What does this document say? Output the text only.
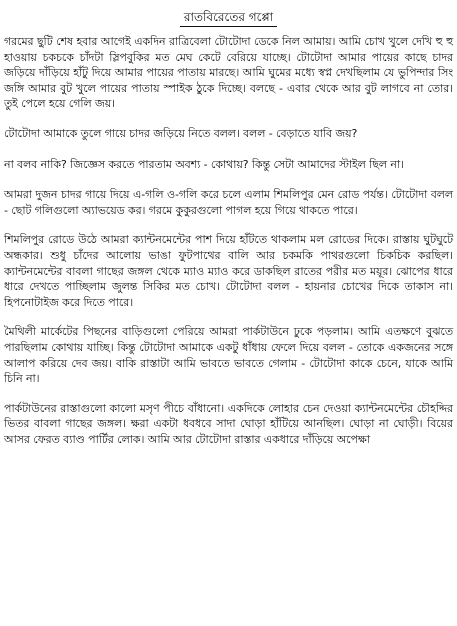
রাতবিরেতের গপ্পো

গরমের ছুটি শেষ হবার আগেই একদিন রাত্রিবেলা টোটোদা ডেকে নিল আমায়। আমি চোখ খুলে দেখি হু হু হাওয়ায় চকচকে চাঁদটা স্লিপবুকির মত মেঘ কেটে বেরিয়ে যাচ্ছে। টোটোদা আমার পায়ের কাছে চাদর জড়িয়ে দাঁড়িয়ে হাঁটু দিয়ে আমার পায়ের পাতায় মারছে। আমি ঘুমের মধ্যে স্বপ্ন দেখছিলাম যে ভুপিন্দার সিং জঙ্গি আমার বুট খুলে পায়ের পাতায় স্পাইক ঠুকে দিচ্ছে। বলছে - এবার থেকে আর বুট লাগবে না তোর। তুই পেলে হয়ে গেলি জয়।

টোটোদা আমাকে তুলে গায়ে চাদর জড়িয়ে নিতে বলল। বলল - বেড়াতে যাবি জয়?

না বলব নাকি? জিজ্ঞেস করতে পারতাম অবশ্য - কোথায়? কিন্তু সেটা আমাদের স্টাইল ছিল না।

আমরা দুজন চাদর গায়ে দিয়ে এ-গলি ও-গলি করে চলে এলাম শিমলিপুর মেন রোড পর্যন্ত। টোটোদা বলল - ছোট গলিগুলো অ্যাভয়েড কর। গরমে কুকুরগুলো পাগল হয়ে গিয়ে থাকতে পারে।

শিমলিপুর রোডে উঠে আমরা ক্যান্টনমেন্টের পাশ দিয়ে হাঁটতে থাকলাম মল রোডের দিকে। রাস্তায় ঘুটঘুটে অন্ধকার। শুধু চাঁদের আলোয় ভাঙা ফুটপাথের বালি আর চকমকি পাথরগুলো চিকচিক করছিল। ক্যান্টনমেন্টের বাবলা গাছের জঙ্গল থেকে ম্যাও ম্যাও করে ডাকছিল রাতের পরীর মত ময়ূর। ঝোপের ধারে ধারে দেখতে পাচ্ছিলাম জুলন্ত সিকির মত চোখ। টোটোদা বলল - হায়নার চোখের দিকে তাকাস না। হিপনোটাইজ করে দিতে পারে।

মৈথিলী মার্কেটের পিছনের বাড়িগুলো পেরিয়ে আমরা পার্কটাউনে ঢুকে পড়লাম। আমি এতক্ষণে বুঝতে পারছিলাম কোথায় যাচ্ছি। কিন্তু টোটোদা আমাকে একটু ধাঁধায় ফেলে দিয়ে বলল - তোকে একজনের সঙ্গে আলাপ করিয়ে দেব জয়। বাকি রাস্তাটা আমি ভাবতে ভাবতে গেলাম - টোটোদা কাকে চেনে, যাকে আমি চিনি না।

পার্কটাউনের রাস্তাগুলো কালো মসৃণ পীচে বাঁধানো। একদিকে লোহার চেন দেওয়া ক্যান্টনমেন্টের চৌহদ্দির ভিতর বাবলা গাছের জঙ্গল। ক্ষরা একটা ধবধবে সাদা ঘোড়া হাঁটিয়ে আনছিল। ঘোড়া না ঘোড়ী। বিয়ের আসর ফেরত ব্যাণ্ড পার্টির লোক। আমি আর টোটোদা রাস্তার একধারে দাঁড়িয়ে অপেক্ষা
